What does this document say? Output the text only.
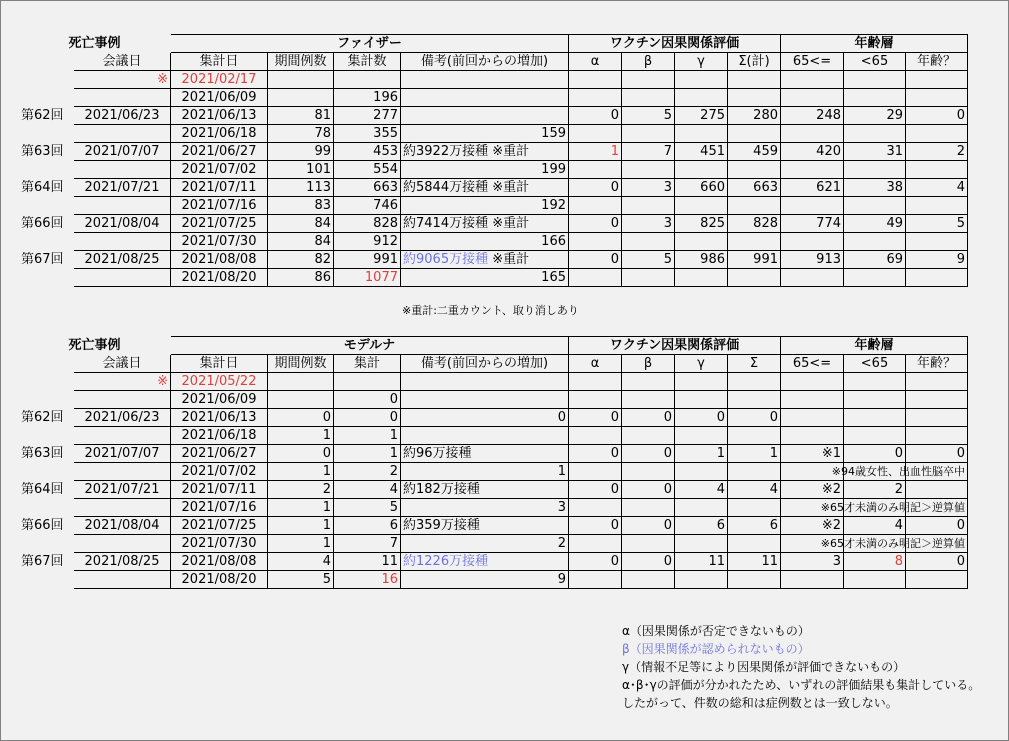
死亡事例		ファイザー				ワクチン因果関係評価				年齢層		
	会議日	集計日	期間例数	集計数	備考(前回からの増加)	α	β	γ	Σ(計)	65<=	<65	年齢？
	※	2021/02/17			

		2021/06/09		196	

第62回	2021/06/23	2021/06/13	81	277		0	5	275	280	248	29	0
		2021/06/18	78	355	159							

第63回	2021/07/07	2021/06/27	99	453	約3922万接種 ※重計	1	7	451	459	420	31	2
		2021/07/02	101	554	199							

第64回	2021/07/21	2021/07/11	113	663	約5844万接種 ※重計	0	3	660	663	621	38	4
		2021/07/16	83	746	192							

第66回	2021/08/04	2021/07/25	84	828	約7414万接種 ※重計	0	3	825	828	774	49	5
		2021/07/30	84	912	166							

第67回	2021/08/25	2021/08/08	82	991	約9065万接種 ※重計	0	5	986	991	913	69	9
		2021/08/20	86	1077	165							

※重計:二重カウント、取り消しあり
死亡事例		モデルナ				ワクチン因果関係評価				年齢層		
	会議日	集計日	期間例数	集計	備考(前回からの増加)	α	β	γ	Σ	65<=	<65	年齢？
	※	2021/05/22			

		2021/06/09		0	

第62回	2021/06/23	2021/06/13	0	0	0	0	0	0	0			
		2021/06/18	1	1	

第63回	2021/07/07	2021/06/27	0	1	約96万接種	0	0	1	1	※1	0	0
		2021/07/02	1	2	1							※94歳女性、出血性脳卒中

第64回	2021/07/21	2021/07/11	2	4	約182万接種	0	0	4	4	※2	2	
		2021/07/16	1	5	3							※65才未満のみ明記＞逆算値

第66回	2021/08/04	2021/07/25	1	6	約359万接種	0	0	6	6	※2	4	0
		2021/07/30	1	7	2							※65才未満のみ明記＞逆算値

第67回	2021/08/25	2021/08/08	4	11	約1226万接種	0	0	11	11	3	8	0
		2021/08/20	5	16	9							

α（因果関係が否定できないもの）
β（因果関係が認められないもの）
γ（情報不足等により因果関係が評価できないもの）
α･β･γの評価が分かれたため、いずれの評価結果も集計している。
したがって、件数の総和は症例数とは一致しない。
